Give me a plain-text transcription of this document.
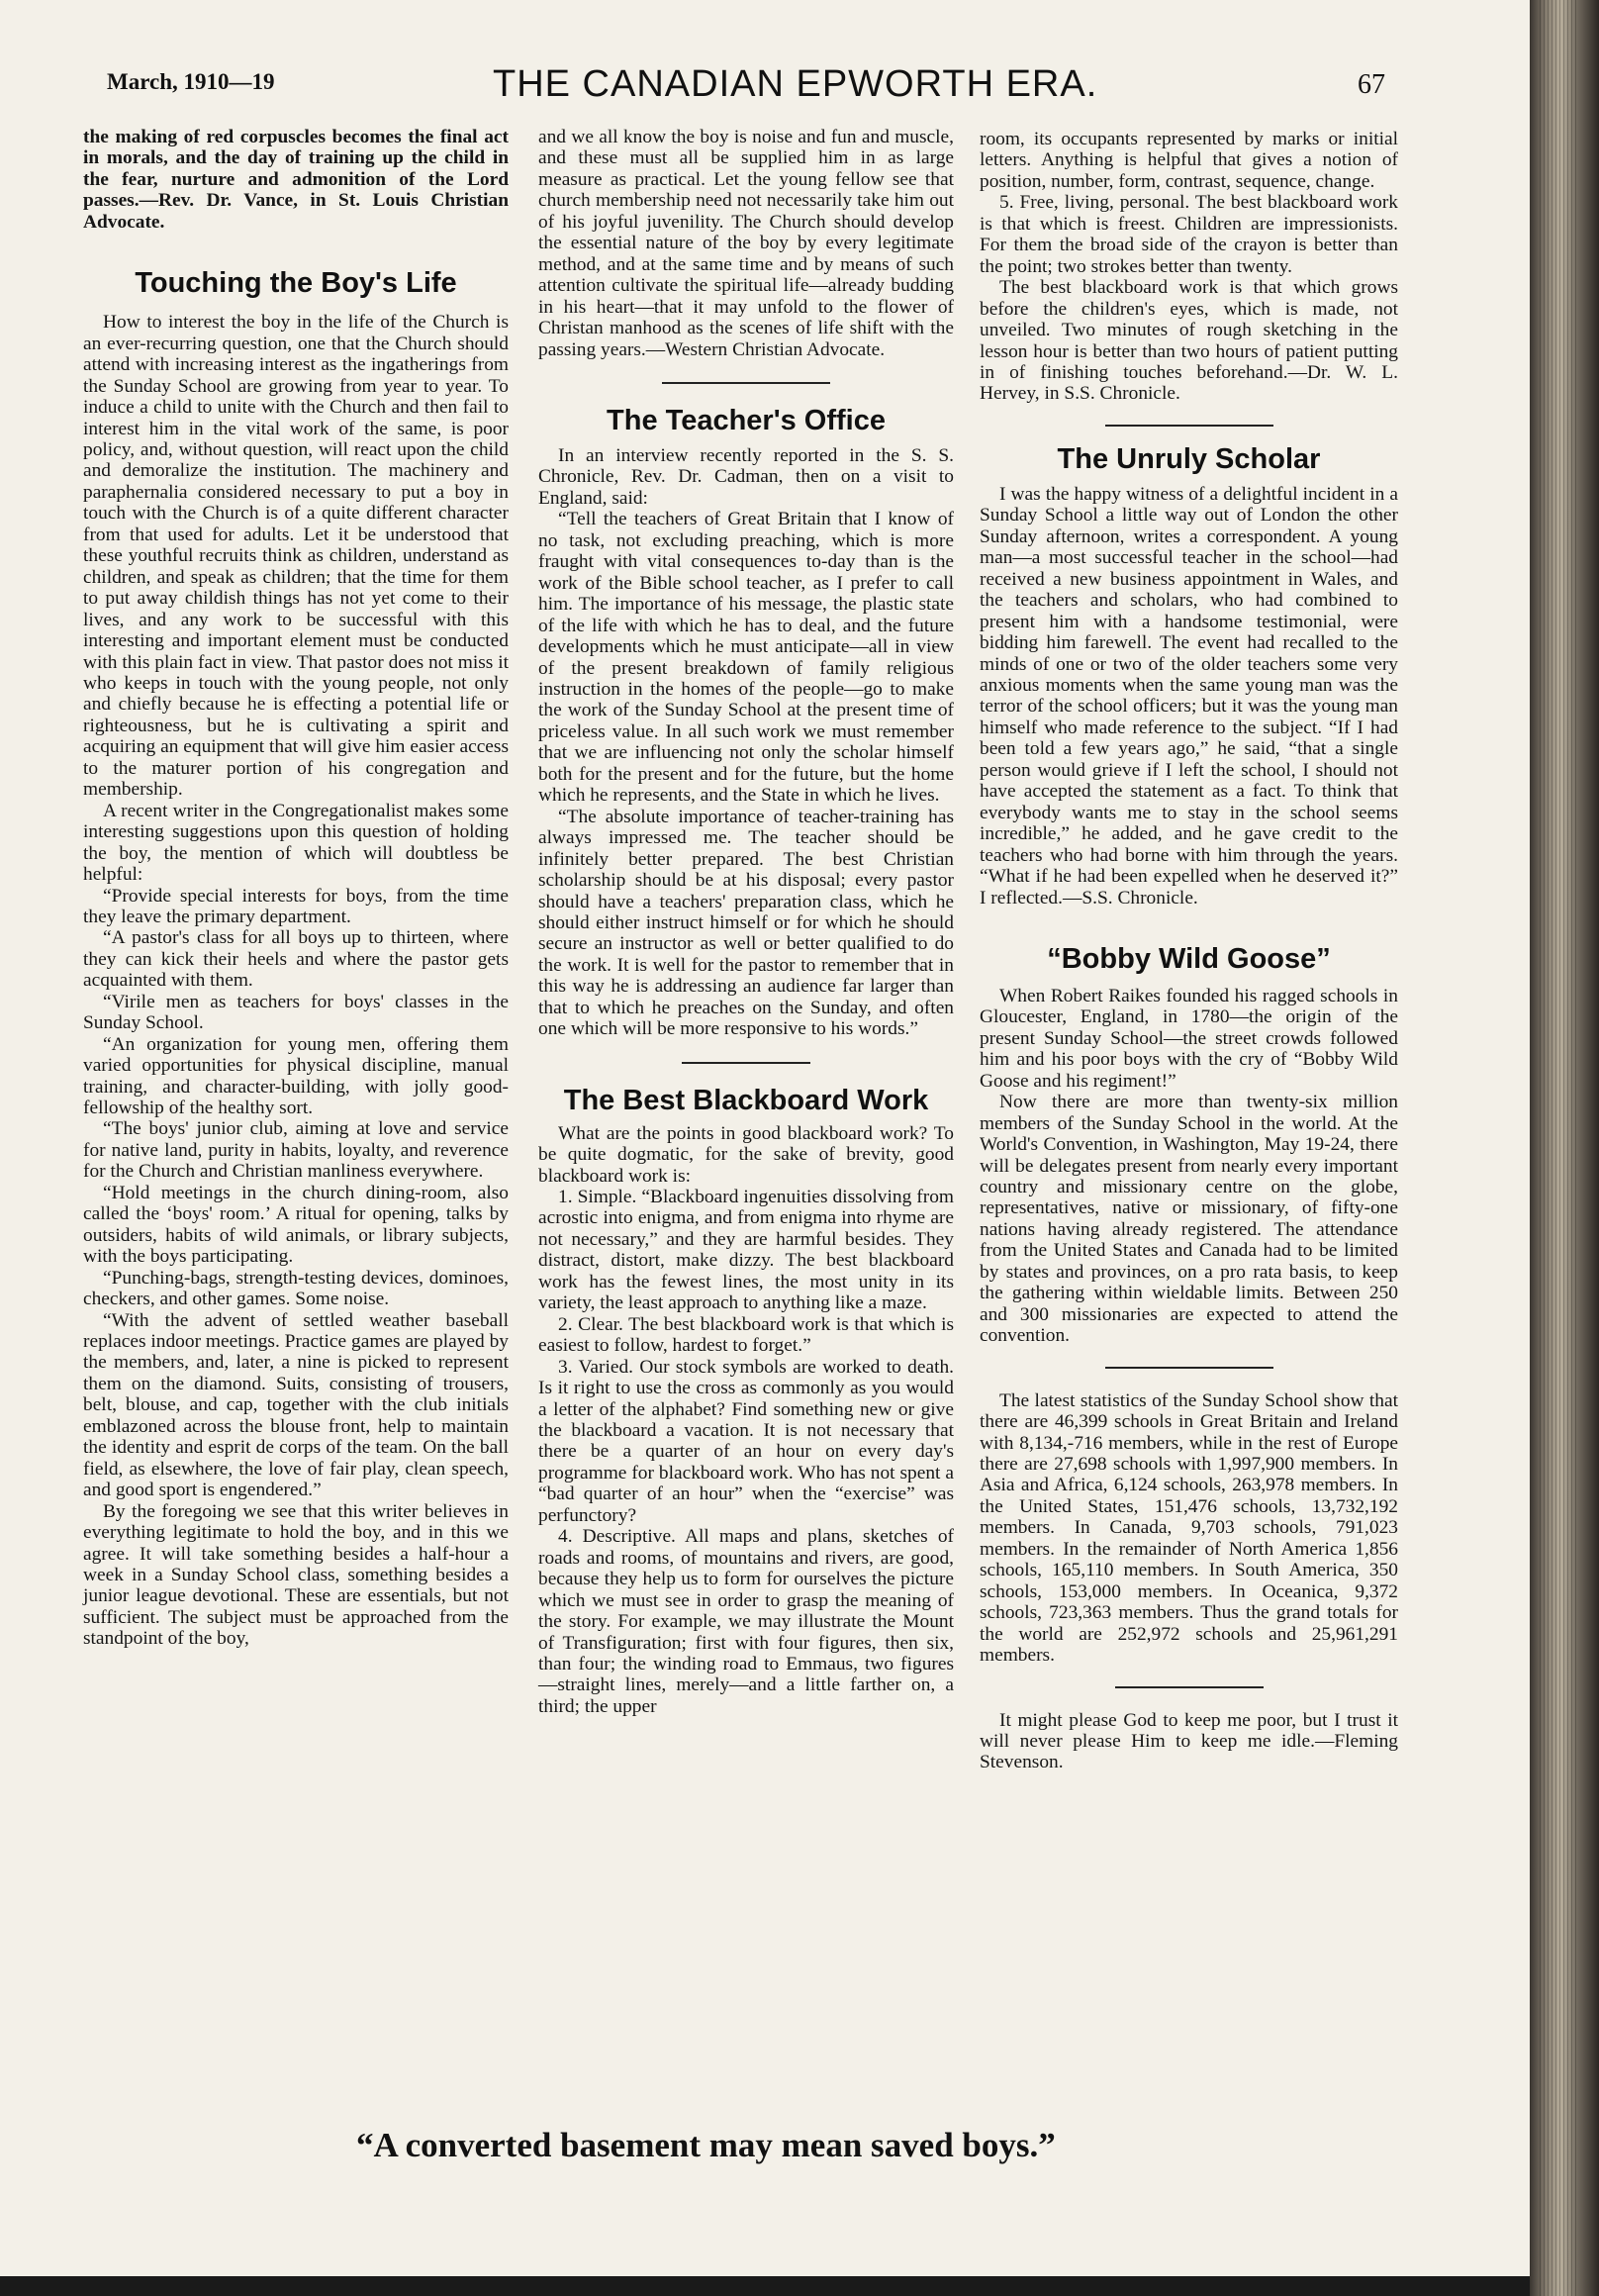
March, 1910—19	THE CANADIAN EPWORTH ERA.	67

the making of red corpuscles becomes the final act in morals, and the day of training up the child in the fear, nurture and admonition of the Lord passes.—Rev. Dr. Vance, in St. Louis Christian Advocate.

Touching the Boy's Life

How to interest the boy in the life of the Church is an ever-recurring question, one that the Church should attend with increasing interest as the ingatherings from the Sunday School are growing from year to year. To induce a child to unite with the Church and then fail to interest him in the vital work of the same, is poor policy, and, without question, will react upon the child and demoralize the institution. The machinery and paraphernalia considered necessary to put a boy in touch with the Church is of a quite different character from that used for adults. Let it be understood that these youthful recruits think as children, understand as children, and speak as children; that the time for them to put away childish things has not yet come to their lives, and any work to be successful with this interesting and important element must be conducted with this plain fact in view. That pastor does not miss it who keeps in touch with the young people, not only and chiefly because he is effecting a potential life or righteousness, but he is cultivating a spirit and acquiring an equipment that will give him easier access to the maturer portion of his congregation and membership.

A recent writer in the Congregationalist makes some interesting suggestions upon this question of holding the boy, the mention of which will doubtless be helpful:

“Provide special interests for boys, from the time they leave the primary department.

“A pastor's class for all boys up to thirteen, where they can kick their heels and where the pastor gets acquainted with them.

“Virile men as teachers for boys' classes in the Sunday School.

“An organization for young men, offering them varied opportunities for physical discipline, manual training, and character-building, with jolly good-fellowship of the healthy sort.

“The boys' junior club, aiming at love and service for native land, purity in habits, loyalty, and reverence for the Church and Christian manliness everywhere.

“Hold meetings in the church dining-room, also called the ‘boys' room.’ A ritual for opening, talks by outsiders, habits of wild animals, or library subjects, with the boys participating.

“Punching-bags, strength-testing devices, dominoes, checkers, and other games. Some noise.

“With the advent of settled weather baseball replaces indoor meetings. Practice games are played by the members, and, later, a nine is picked to represent them on the diamond. Suits, consisting of trousers, belt, blouse, and cap, together with the club initials emblazoned across the blouse front, help to maintain the identity and esprit de corps of the team. On the ball field, as elsewhere, the love of fair play, clean speech, and good sport is engendered.”

By the foregoing we see that this writer believes in everything legitimate to hold the boy, and in this we agree. It will take something besides a half-hour a week in a Sunday School class, something besides a junior league devotional. These are essentials, but not sufficient. The subject must be approached from the standpoint of the boy,

and we all know the boy is noise and fun and muscle, and these must all be supplied him in as large measure as practical. Let the young fellow see that church membership need not necessarily take him out of his joyful juvenility. The Church should develop the essential nature of the boy by every legitimate method, and at the same time and by means of such attention cultivate the spiritual life—already budding in his heart—that it may unfold to the flower of Christan manhood as the scenes of life shift with the passing years.—Western Christian Advocate.

The Teacher's Office

In an interview recently reported in the S. S. Chronicle, Rev. Dr. Cadman, then on a visit to England, said:

“Tell the teachers of Great Britain that I know of no task, not excluding preaching, which is more fraught with vital consequences to-day than is the work of the Bible school teacher, as I prefer to call him. The importance of his message, the plastic state of the life with which he has to deal, and the future developments which he must anticipate—all in view of the present breakdown of family religious instruction in the homes of the people—go to make the work of the Sunday School at the present time of priceless value. In all such work we must remember that we are influencing not only the scholar himself both for the present and for the future, but the home which he represents, and the State in which he lives.

“The absolute importance of teacher-training has always impressed me. The teacher should be infinitely better prepared. The best Christian scholarship should be at his disposal; every pastor should have a teachers' preparation class, which he should either instruct himself or for which he should secure an instructor as well or better qualified to do the work. It is well for the pastor to remember that in this way he is addressing an audience far larger than that to which he preaches on the Sunday, and often one which will be more responsive to his words.”

The Best Blackboard Work

What are the points in good blackboard work? To be quite dogmatic, for the sake of brevity, good blackboard work is:

1. Simple. “Blackboard ingenuities dissolving from acrostic into enigma, and from enigma into rhyme are not necessary,” and they are harmful besides. They distract, distort, make dizzy. The best blackboard work has the fewest lines, the most unity in its variety, the least approach to anything like a maze.

2. Clear. The best blackboard work is that which is easiest to follow, hardest to forget.”

3. Varied. Our stock symbols are worked to death. Is it right to use the cross as commonly as you would a letter of the alphabet? Find something new or give the blackboard a vacation. It is not necessary that there be a quarter of an hour on every day's programme for blackboard work. Who has not spent a “bad quarter of an hour” when the “exercise” was perfunctory?

4. Descriptive. All maps and plans, sketches of roads and rooms, of mountains and rivers, are good, because they help us to form for ourselves the picture which we must see in order to grasp the meaning of the story. For example, we may illustrate the Mount of Transfiguration; first with four figures, then six, than four; the winding road to Emmaus, two figures—straight lines, merely—and a little farther on, a third; the upper

room, its occupants represented by marks or initial letters. Anything is helpful that gives a notion of position, number, form, contrast, sequence, change.

5. Free, living, personal. The best blackboard work is that which is freest. Children are impressionists. For them the broad side of the crayon is better than the point; two strokes better than twenty.

The best blackboard work is that which grows before the children's eyes, which is made, not unveiled. Two minutes of rough sketching in the lesson hour is better than two hours of patient putting in of finishing touches beforehand.—Dr. W. L. Hervey, in S.S. Chronicle.

The Unruly Scholar

I was the happy witness of a delightful incident in a Sunday School a little way out of London the other Sunday afternoon, writes a correspondent. A young man—a most successful teacher in the school—had received a new business appointment in Wales, and the teachers and scholars, who had combined to present him with a handsome testimonial, were bidding him farewell. The event had recalled to the minds of one or two of the older teachers some very anxious moments when the same young man was the terror of the school officers; but it was the young man himself who made reference to the subject. “If I had been told a few years ago,” he said, “that a single person would grieve if I left the school, I should not have accepted the statement as a fact. To think that everybody wants me to stay in the school seems incredible,” he added, and he gave credit to the teachers who had borne with him through the years. “What if he had been expelled when he deserved it?” I reflected.—S.S. Chronicle.

“Bobby Wild Goose”

When Robert Raikes founded his ragged schools in Gloucester, England, in 1780—the origin of the present Sunday School—the street crowds followed him and his poor boys with the cry of “Bobby Wild Goose and his regiment!”

Now there are more than twenty-six million members of the Sunday School in the world. At the World's Convention, in Washington, May 19-24, there will be delegates present from nearly every important country and missionary centre on the globe, representatives, native or missionary, of fifty-one nations having already registered. The attendance from the United States and Canada had to be limited by states and provinces, on a pro rata basis, to keep the gathering within wieldable limits. Between 250 and 300 missionaries are expected to attend the convention.

The latest statistics of the Sunday School show that there are 46,399 schools in Great Britain and Ireland with 8,134,-716 members, while in the rest of Europe there are 27,698 schools with 1,997,900 members. In Asia and Africa, 6,124 schools, 263,978 members. In the United States, 151,476 schools, 13,732,192 members. In Canada, 9,703 schools, 791,023 members. In the remainder of North America 1,856 schools, 165,110 members. In South America, 350 schools, 153,000 members. In Oceanica, 9,372 schools, 723,363 members. Thus the grand totals for the world are 252,972 schools and 25,961,291 members.

It might please God to keep me poor, but I trust it will never please Him to keep me idle.—Fleming Stevenson.

“A converted basement may mean saved boys.”
